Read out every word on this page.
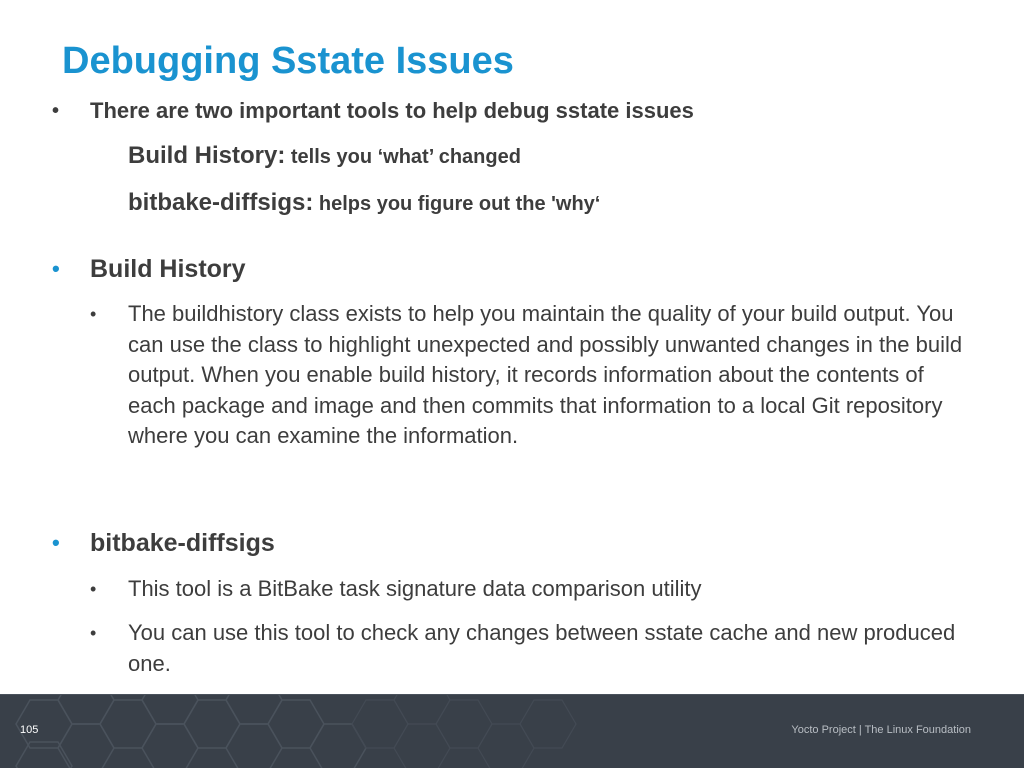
Debugging Sstate Issues
• There are two important tools to help debug sstate issues
Build History: tells you ‘what’ changed
bitbake-diffsigs: helps you figure out the 'why‘
• Build History
• The buildhistory class exists to help you maintain the quality of your build output. You can use the class to highlight unexpected and possibly unwanted changes in the build output. When you enable build history, it records information about the contents of each package and image and then commits that information to a local Git repository where you can examine the information.
• bitbake-diffsigs
• This tool is a BitBake task signature data comparison utility
• You can use this tool to check any changes between sstate cache and new produced one.
105	Yocto Project | The Linux Foundation
